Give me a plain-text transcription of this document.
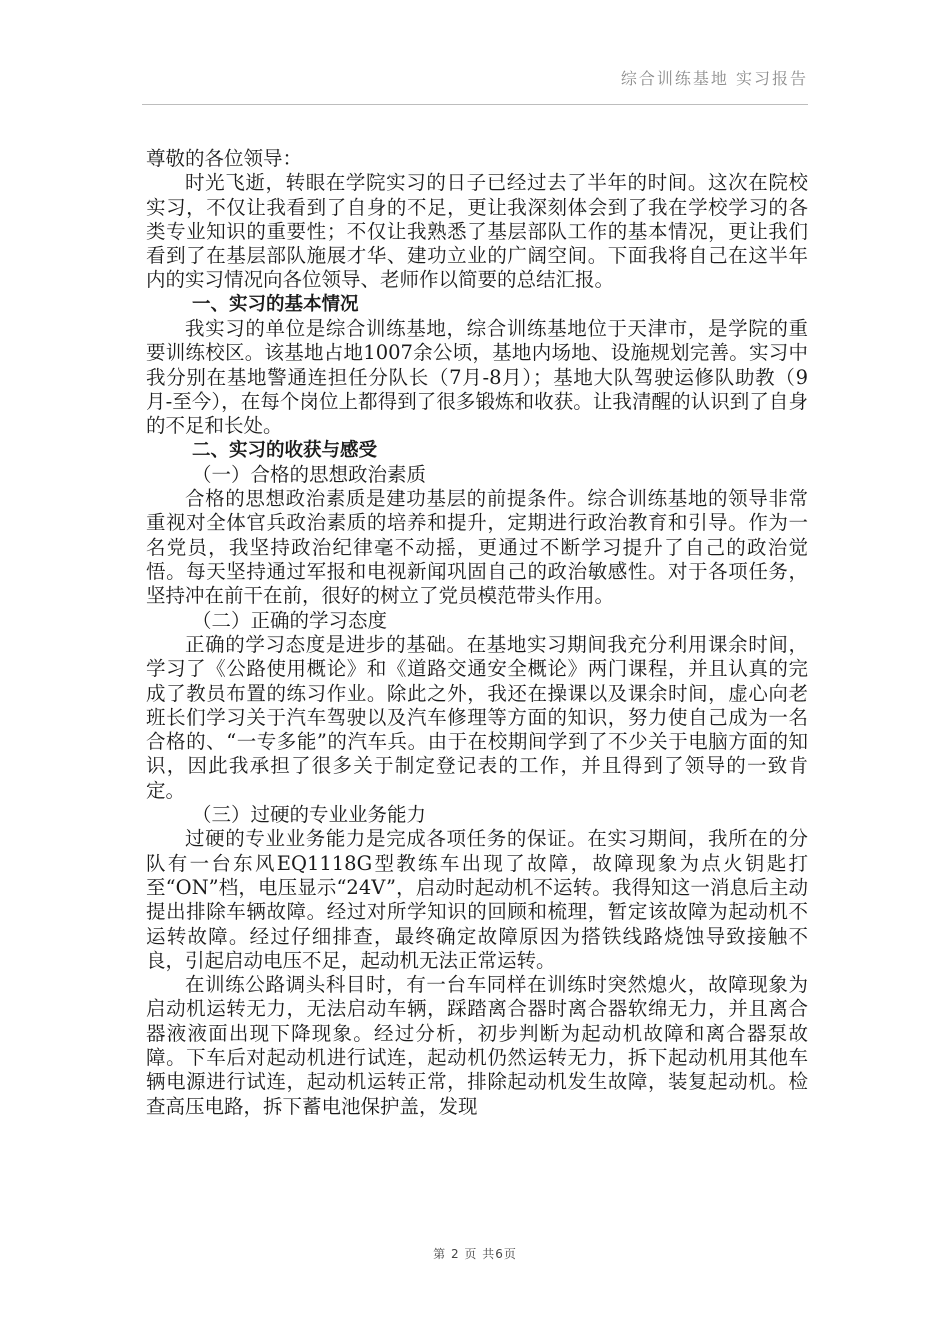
综合训练基地 实习报告

尊敬的各位领导：

时光飞逝，转眼在学院实习的日子已经过去了半年的时间。这次在院校实习，不仅让我看到了自身的不足，更让我深刻体会到了我在学校学习的各类专业知识的重要性；不仅让我熟悉了基层部队工作的基本情况，更让我们看到了在基层部队施展才华、建功立业的广阔空间。下面我将自己在这半年内的实习情况向各位领导、老师作以简要的总结汇报。

一、实习的基本情况

我实习的单位是综合训练基地，综合训练基地位于天津市，是学院的重要训练校区。该基地占地1007余公顷，基地内场地、设施规划完善。实习中我分别在基地警通连担任分队长（7月-8月）；基地大队驾驶运修队助教（9月-至今），在每个岗位上都得到了很多锻炼和收获。让我清醒的认识到了自身的不足和长处。

二、实习的收获与感受

（一）合格的思想政治素质

合格的思想政治素质是建功基层的前提条件。综合训练基地的领导非常重视对全体官兵政治素质的培养和提升，定期进行政治教育和引导。作为一名党员，我坚持政治纪律毫不动摇，更通过不断学习提升了自己的政治觉悟。每天坚持通过军报和电视新闻巩固自己的政治敏感性。对于各项任务，坚持冲在前干在前，很好的树立了党员模范带头作用。

（二）正确的学习态度

正确的学习态度是进步的基础。在基地实习期间我充分利用课余时间，学习了《公路使用概论》和《道路交通安全概论》两门课程，并且认真的完成了教员布置的练习作业。除此之外，我还在操课以及课余时间，虚心向老班长们学习关于汽车驾驶以及汽车修理等方面的知识，努力使自己成为一名合格的、“一专多能”的汽车兵。由于在校期间学到了不少关于电脑方面的知识，因此我承担了很多关于制定登记表的工作，并且得到了领导的一致肯定。

（三）过硬的专业业务能力

过硬的专业业务能力是完成各项任务的保证。在实习期间，我所在的分队有一台东风EQ1118G型教练车出现了故障，故障现象为点火钥匙打至“ON”档，电压显示“24V”，启动时起动机不运转。我得知这一消息后主动提出排除车辆故障。经过对所学知识的回顾和梳理，暂定该故障为起动机不运转故障。经过仔细排查，最终确定故障原因为搭铁线路烧蚀导致接触不良，引起启动电压不足，起动机无法正常运转。

在训练公路调头科目时，有一台车同样在训练时突然熄火，故障现象为启动机运转无力，无法启动车辆，踩踏离合器时离合器软绵无力，并且离合器液液面出现下降现象。经过分析，初步判断为起动机故障和离合器泵故障。下车后对起动机进行试连，起动机仍然运转无力，拆下起动机用其他车辆电源进行试连，起动机运转正常，排除起动机发生故障，装复起动机。检查高压电路，拆下蓄电池保护盖，发现

第 2 页 共6页
